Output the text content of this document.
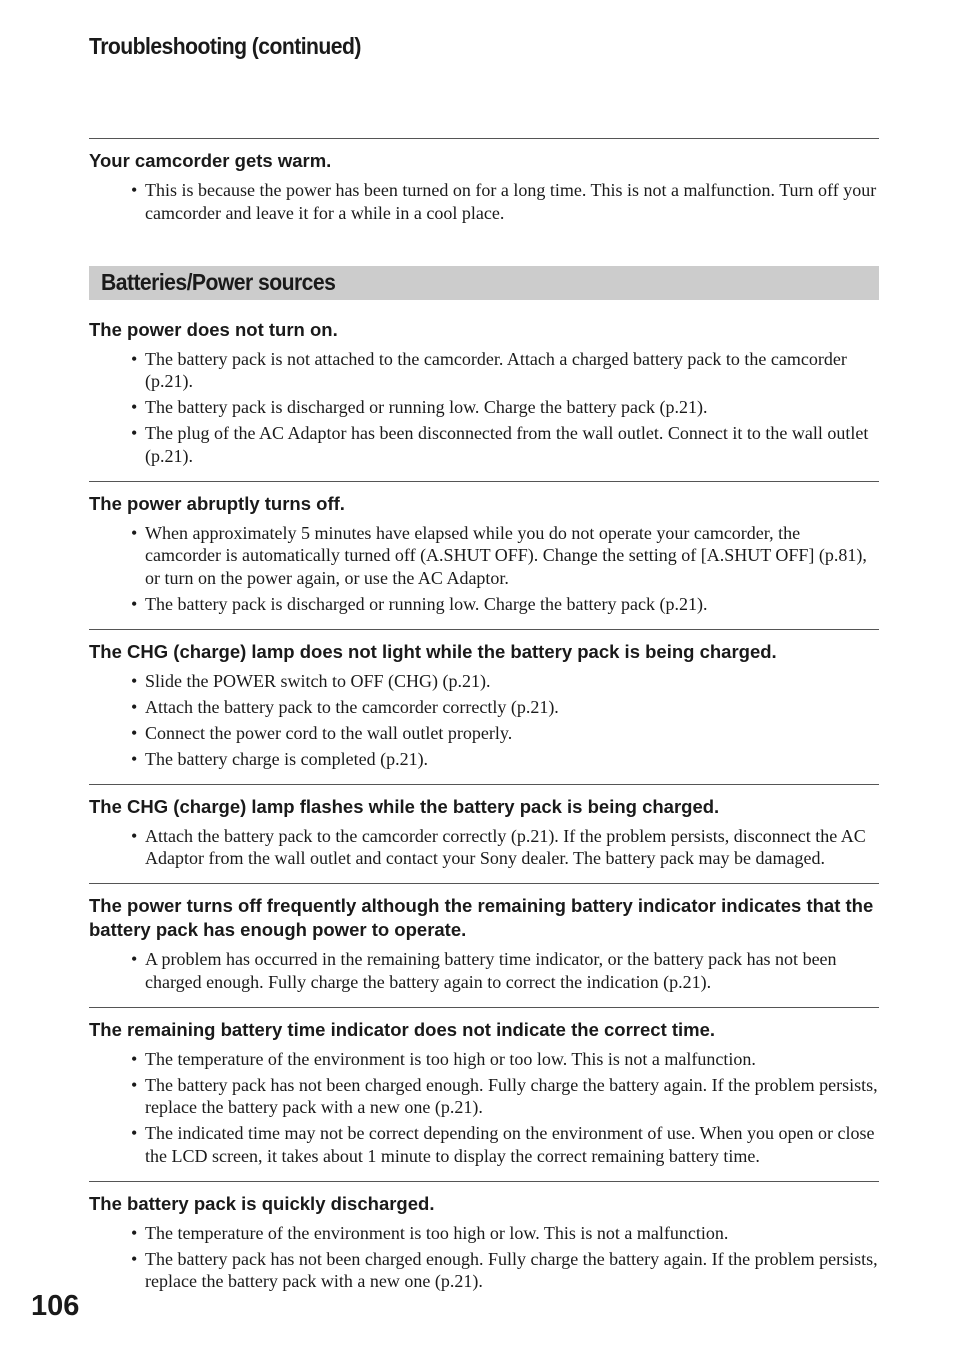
Troubleshooting (continued)
Your camcorder gets warm.
• This is because the power has been turned on for a long time. This is not a malfunction. Turn off your camcorder and leave it for a while in a cool place.
Batteries/Power sources
The power does not turn on.
• The battery pack is not attached to the camcorder. Attach a charged battery pack to the camcorder (p.21).
• The battery pack is discharged or running low. Charge the battery pack (p.21).
• The plug of the AC Adaptor has been disconnected from the wall outlet. Connect it to the wall outlet (p.21).
The power abruptly turns off.
• When approximately 5 minutes have elapsed while you do not operate your camcorder, the camcorder is automatically turned off (A.SHUT OFF). Change the setting of [A.SHUT OFF] (p.81), or turn on the power again, or use the AC Adaptor.
• The battery pack is discharged or running low. Charge the battery pack (p.21).
The CHG (charge) lamp does not light while the battery pack is being charged.
• Slide the POWER switch to OFF (CHG) (p.21).
• Attach the battery pack to the camcorder correctly (p.21).
• Connect the power cord to the wall outlet properly.
• The battery charge is completed (p.21).
The CHG (charge) lamp flashes while the battery pack is being charged.
• Attach the battery pack to the camcorder correctly (p.21). If the problem persists, disconnect the AC Adaptor from the wall outlet and contact your Sony dealer. The battery pack may be damaged.
The power turns off frequently although the remaining battery indicator indicates that the battery pack has enough power to operate.
• A problem has occurred in the remaining battery time indicator, or the battery pack has not been charged enough. Fully charge the battery again to correct the indication (p.21).
The remaining battery time indicator does not indicate the correct time.
• The temperature of the environment is too high or too low. This is not a malfunction.
• The battery pack has not been charged enough. Fully charge the battery again. If the problem persists, replace the battery pack with a new one (p.21).
• The indicated time may not be correct depending on the environment of use. When you open or close the LCD screen, it takes about 1 minute to display the correct remaining battery time.
The battery pack is quickly discharged.
• The temperature of the environment is too high or low. This is not a malfunction.
• The battery pack has not been charged enough. Fully charge the battery again. If the problem persists, replace the battery pack with a new one (p.21).
106
